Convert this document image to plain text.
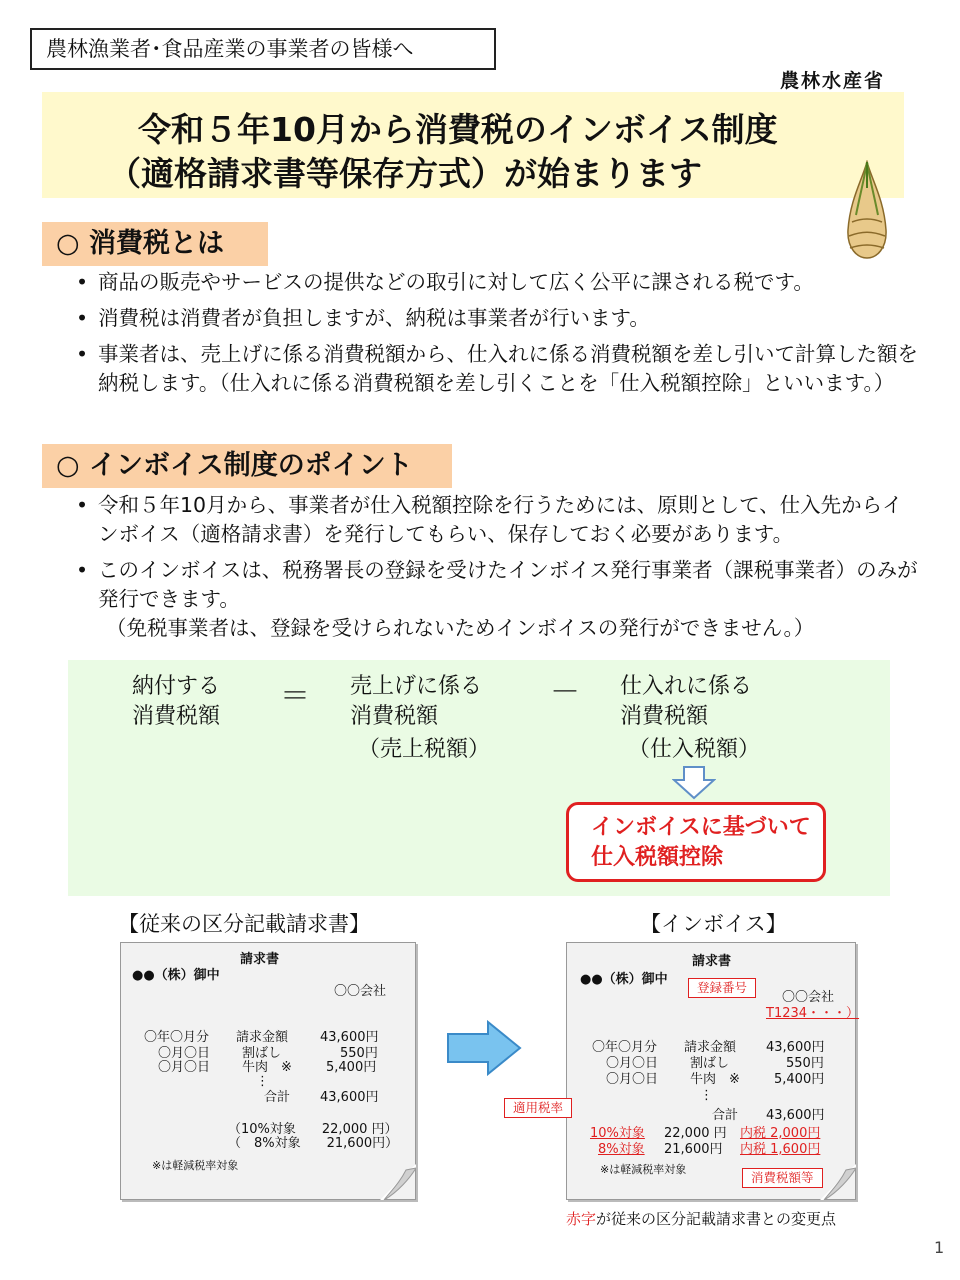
農林漁業者･食品産業の事業者の皆様へ
農林水産省
令和５年10月から消費税のインボイス制度
（適格請求書等保存方式）が始まります
○ 消費税とは
• 商品の販売やサービスの提供などの取引に対して広く公平に課される税です。
• 消費税は消費者が負担しますが、納税は事業者が行います。
• 事業者は、売上げに係る消費税額から、仕入れに係る消費税額を差し引いて計算した額を納税します。（仕入れに係る消費税額を差し引くことを「仕入税額控除」といいます。）
○ インボイス制度のポイント
• 令和５年10月から、事業者が仕入税額控除を行うためには、原則として、仕入先からインボイス（適格請求書）を発行してもらい、保存しておく必要があります。
• このインボイスは、税務署長の登録を受けたインボイス発行事業者（課税事業者）のみが発行できます。
（免税事業者は、登録を受けられないためインボイスの発行ができません。）
納付する
消費税額
＝ 売上げに係る
消費税額
（売上税額）
－ 仕入れに係る
消費税額
（仕入税額）
インボイスに基づいて
仕入税額控除
【従来の区分記載請求書】	【インボイス】
請求書
●●（株）御中
〇〇会社
〇年〇月分 請求金額 43,600円
〇月〇日 割ばし	550円
〇月〇日 牛肉　※	5,400円
⋮
合計 43,600円
（10%対象　　22,000 円）
（　8%対象　　21,600円）
※は軽減税率対象
請求書
●●（株）御中
登録番号
〇〇会社
T1234・・・）
〇年〇月分 請求金額 43,600円
〇月〇日 割ばし	550円
〇月〇日 牛肉　※	5,400円
⋮
適用税率
合計 43,600円
10%対象 22,000 円 内税 2,000円
8%対象 21,600円 内税 1,600円
※は軽減税率対象
消費税額等
赤字が従来の区分記載請求書との変更点
1
